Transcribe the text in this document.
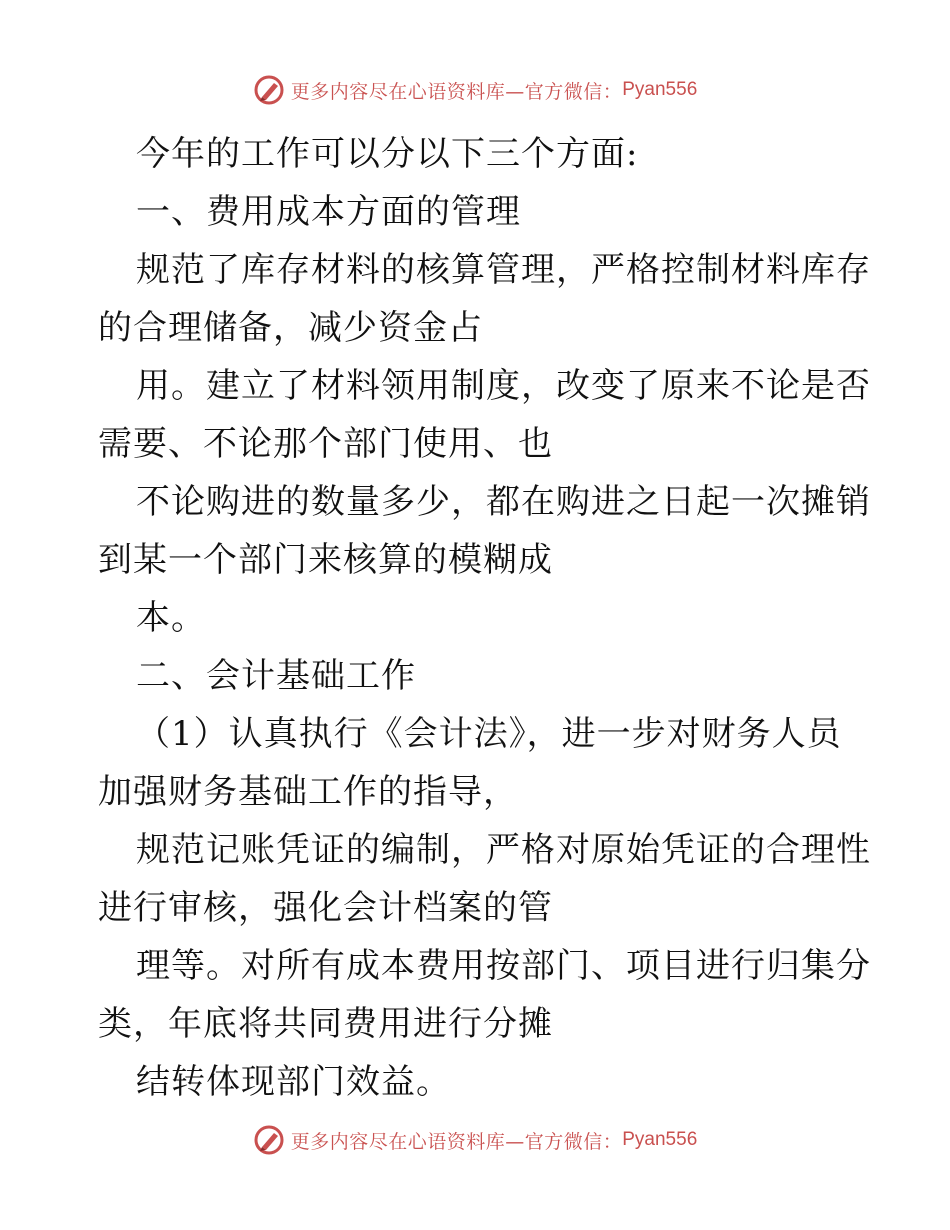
更多内容尽在心语资料库—官方微信： Pyan556
今年的工作可以分以下三个方面:
一、费用成本方面的管理
规范了库存材料的核算管理，严格控制材料库存
的合理储备，减少资金占
用。建立了材料领用制度，改变了原来不论是否
需要、不论那个部门使用、也
不论购进的数量多少，都在购进之日起一次摊销
到某一个部门来核算的模糊成
本。
二、会计基础工作
（1）认真执行《会计法》，进一步对财务人员
加强财务基础工作的指导，
规范记账凭证的编制，严格对原始凭证的合理性
进行审核，强化会计档案的管
理等。对所有成本费用按部门、项目进行归集分
类，年底将共同费用进行分摊
结转体现部门效益。
更多内容尽在心语资料库—官方微信： Pyan556
